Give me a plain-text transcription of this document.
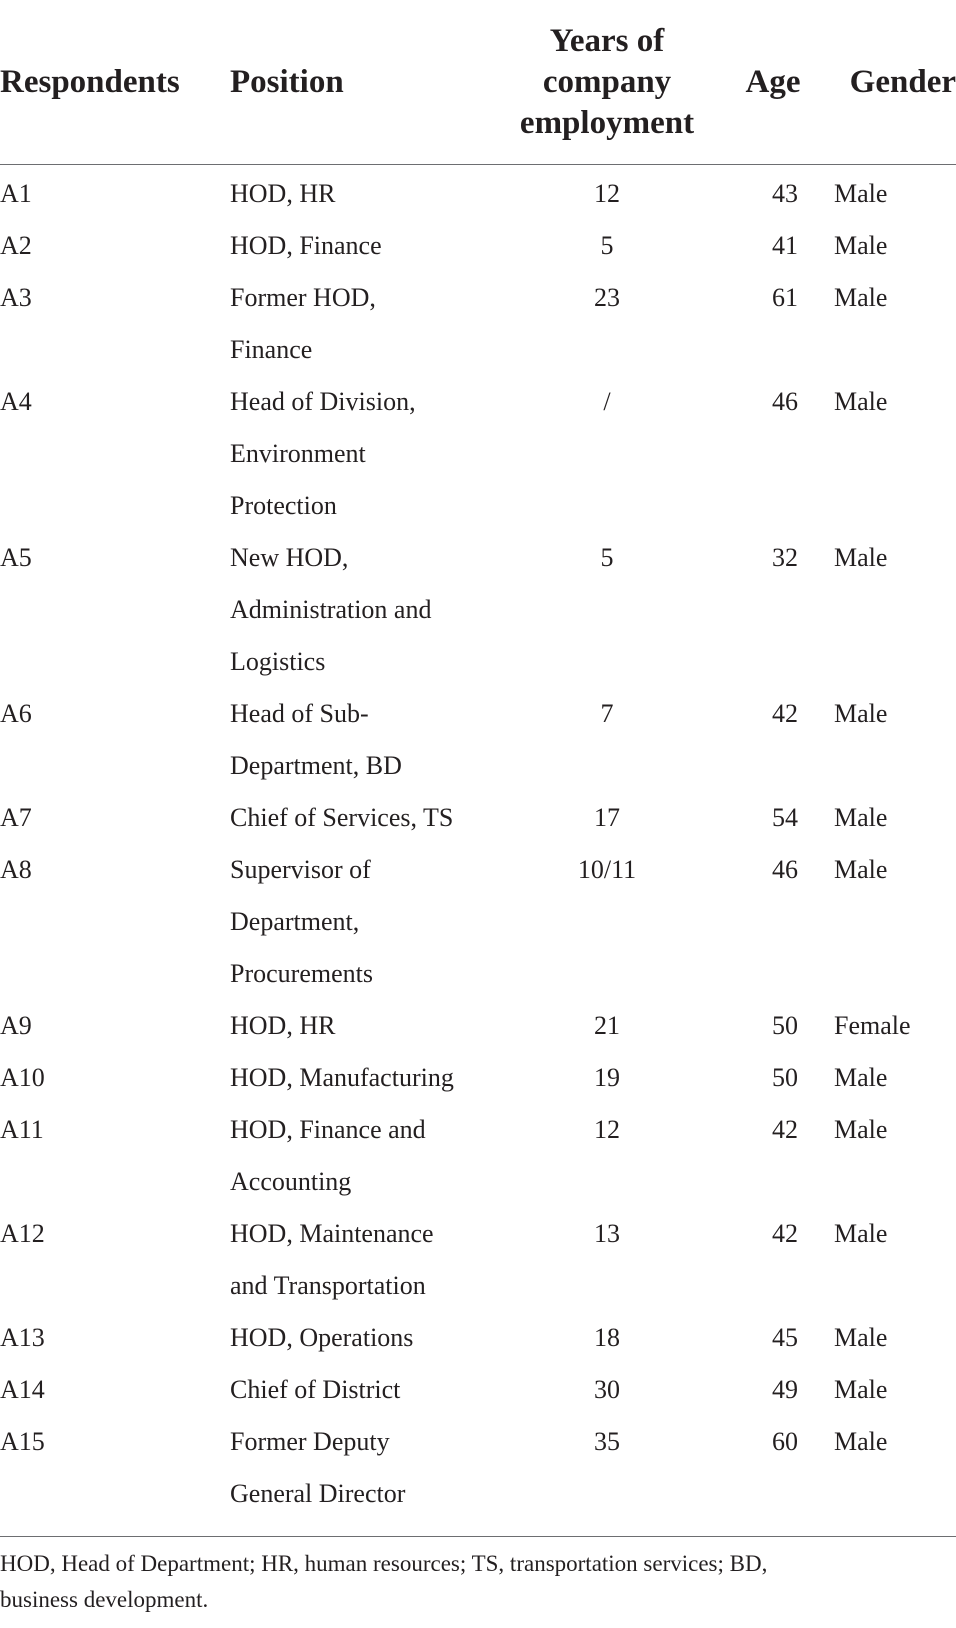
Respondents	Position	Years of
company
employment	Age	Gender
A1	HOD, HR	12	43	Male
A2	HOD, Finance	5	41	Male
A3	Former HOD,
Finance	23	61	Male
A4	Head of Division,
Environment
Protection	/	46	Male
A5	New HOD,
Administration and
Logistics	5	32	Male
A6	Head of Sub-
Department, BD	7	42	Male
A7	Chief of Services, TS	17	54	Male
A8	Supervisor of
Department,
Procurements	10/11	46	Male
A9	HOD, HR	21	50	Female
A10	HOD, Manufacturing	19	50	Male
A11	HOD, Finance and
Accounting	12	42	Male
A12	HOD, Maintenance
and Transportation	13	42	Male
A13	HOD, Operations	18	45	Male
A14	Chief of District	30	49	Male
A15	Former Deputy
General Director	35	60	Male
HOD, Head of Department; HR, human resources; TS, transportation services; BD,
business development.
